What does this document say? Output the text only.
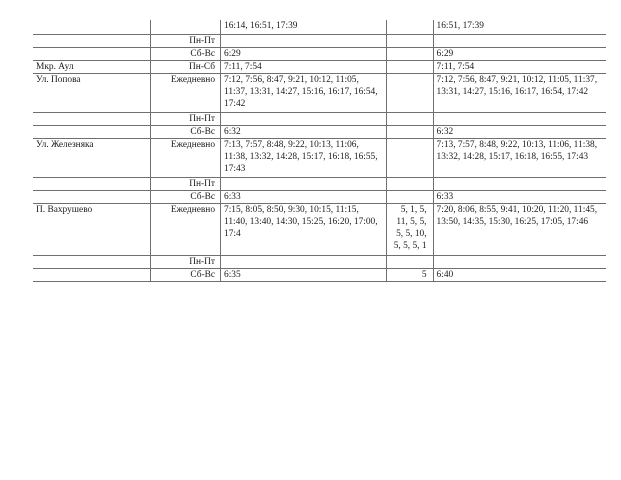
		16:14, 16:51, 17:39		16:51, 17:39
	Пн-Пт			
	Сб-Вс	6:29		6:29
Мкр. Аул	Пн-Сб	7:11, 7:54		7:11, 7:54
Ул. Попова	Ежедневно	7:12, 7:56, 8:47, 9:21, 10:12, 11:05, 11:37, 13:31, 14:27, 15:16, 16:17, 16:54, 17:42		7:12, 7:56, 8:47, 9:21, 10:12, 11:05, 11:37, 13:31, 14:27, 15:16, 16:17, 16:54, 17:42
	Пн-Пт			
	Сб-Вс	6:32		6:32
Ул. Железняка	Ежедневно	7:13, 7:57, 8:48, 9:22, 10:13, 11:06, 11:38, 13:32, 14:28, 15:17, 16:18, 16:55, 17:43		7:13, 7:57, 8:48, 9:22, 10:13, 11:06, 11:38, 13:32, 14:28, 15:17, 16:18, 16:55, 17:43
	Пн-Пт			
	Сб-Вс	6:33		6:33
П. Вахрушево	Ежедневно	7:15, 8:05, 8:50, 9:30, 10:15, 11:15, 11:40, 13:40, 14:30, 15:25, 16:20, 17:00, 17:4	5, 1, 5, 11, 5, 5, 5, 5, 10, 5, 5, 5, 1	7:20, 8:06, 8:55, 9:41, 10:20, 11:20, 11:45, 13:50, 14:35, 15:30, 16:25, 17:05, 17:46
	Пн-Пт			
	Сб-Вс	6:35	5	6:40
